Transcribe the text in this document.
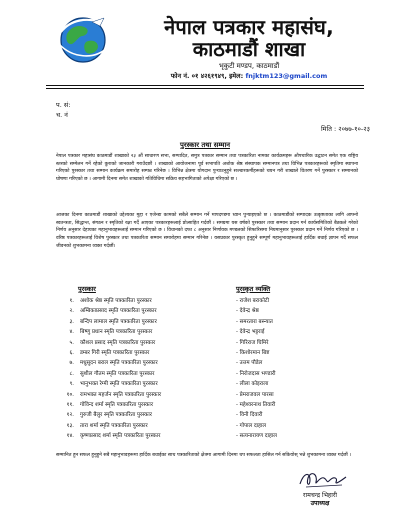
नेपाल पत्रकार महासंघ,
काठमाडौं शाखा
भृकुटी मण्डप, काठमाडौं
फोन नं. ०१ ४२६१९४९, इमेल: fnjktm123@gmail.com
प. सं:
च. नं
मिति : २०७७-१०-२३
पुरस्कार तथा सम्मान
नेपाल पत्रकार महासंघ काठमाडौं शाखाको २३ औं साधारण सभा, सम्पादित, समुत्र पत्रकार सम्मान तथा पत्रकारिता नामका कार्यक्रमहरू औपचारिक उद्घाटन समेत एक राष्ट्रिय स्तरको सम्मेलन गर्ने रहेको कुराको जानकारी गराउँदछौं । शाखाको आयोजनामा पूर्व सभापति अशोक श्रेष्ठ संस्थापक सम्मानपत्र तथा विभिन्न पत्रकारहरूको स्मृतिमा स्थापना गरिएको पुरस्कार तथा सम्मान कार्यक्रम समारोह सम्पन्न गरिनेछ । विभिन्न क्षेत्रमा योगदान पुर्‍याउनुहुने सञ्चारकर्मीहरूको चयन गरी शाखाले वितरण गर्ने पुरस्कार र सम्मानको घोषणा गरिएको छ । आगामी दिनमा समेत शाखाको गतिविधिमा सक्रिय सहभागिताको अपेक्षा गरिएको छ ।
आजका दिनमा काठमाडौं शाखाको उद्देश्यका मुद्दा र एजेन्डा कामको सबैले सम्मान गर्ने मापदण्डमा ध्यान पुर्‍याइएको छ । काठमाडौंको सम्पादक उत्कृष्टताका लागि आफ्नो स्वतन्त्रता, सिद्धान्त, संगठन र स्मृतिको रक्षा गर्दै आएका पत्रकारहरूलाई प्रोत्साहित गर्दछौं । समग्रमा यस वर्षको पुरस्कार तथा सम्मान प्रदान गर्न कार्यसमितिको बैठकले गरेको निर्णय अनुसार देहायका महानुभावहरूलाई सम्मान गरिएको छ । विधानको दफा ८ अनुसार निर्णायक मण्डलको सिफारिसमा नियमानुसार पुरस्कार प्रदान गर्ने निर्णय गरिएको छ । वरिष्ठ पत्रकारहरूलाई विशेष पुरस्कार तथा पत्रकारिता सम्मान समारोहमा सम्मान गरिनेछ । यसप्रकार पुरस्कृत हुनुहुने सम्पूर्ण महानुभावहरूलाई हार्दिक बधाई ज्ञापन गर्दै सफल जीवनको शुभकामना व्यक्त गर्दछौं।
पुरस्कार	पुरस्कृत व्यक्ति
१. अशोक श्रेष्ठ स्मृति पत्रकारिता पुरस्कार	- राजेश बराकोटी
२. अम्बिकाप्रसाद स्मृति पत्रकारिता पुरस्कार	- देवेन्द्र श्रेष्ठ
३. बन्दिप लामाल स्मृति पत्रकारिता पुरस्कार	- समरतारा बस्न्यात
४. बिष्णु प्रधान स्मृति पत्रकारिता पुरस्कार	- देवेन्द्र भट्टराई
५. कौशल प्रसाद स्मृति पत्रकारिता पुरस्कार	- गिरिराज घिमिरे
६. डम्बर गिरी स्मृति पत्रकारिता पुरस्कार	- किशोरमान बिष्ट
७. मधुसुदन बराल स्मृति पत्रकारिता पुरस्कार	- उत्तम पौडेल
८. सुशील गौतम स्मृति पत्रकारिता पुरस्कार	- निरोजदास भण्डारी
९. भानुभक्त रेग्मी स्मृति पत्रकारिता पुरस्कार	- लीला कोइराला
१०. रामभक्त महर्जन स्मृति पत्रकारिता पुरस्कार	- प्रेमराजवल पारसा
११. गोविन्द शर्मा स्मृति पत्रकारिता पुरस्कार	- महेश्वरनाथ तिवारी
१२. गुरुजी बैलुर स्मृति पत्रकारिता पुरस्कार	- विनी दिवारी
१३. तारा शर्मा स्मृति पत्रकारिता पुरस्कार	- गोपाल दाहाल
१४. कृष्णप्रसाद शर्मा स्मृति पत्रकारिता पुरस्कार	- सत्यनारायण दाहाल
सम्मानित हुन सफल हुनुहुने सबै महानुभावहरूमा हार्दिक बधाईका साथ पत्रकारिताको क्षेत्रमा आगामी दिनमा थप सफलता हासिल गर्न सकियोस् भन्ने शुभकामना व्यक्त गर्दछौं ।
रामचन्द्र भिहारी
उपाध्यक्ष
